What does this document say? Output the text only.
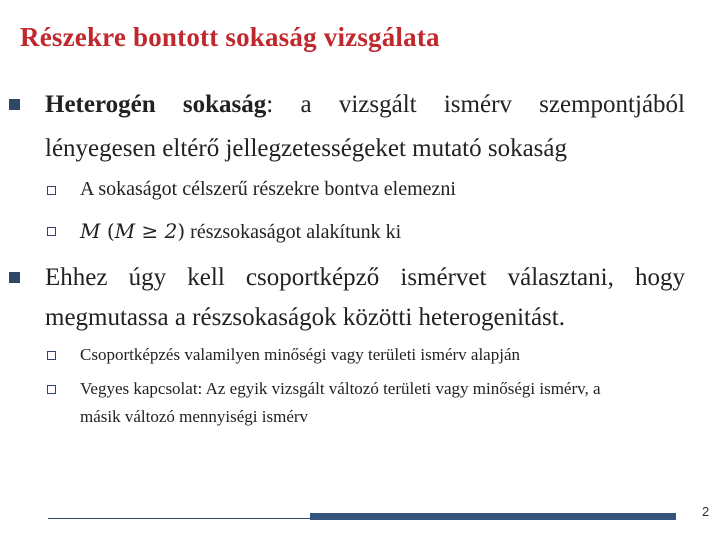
Részekre bontott sokaság vizsgálata
Heterogén sokaság: a vizsgált ismérv szempontjából
lényegesen eltérő jellegzetességeket mutató sokaság
A sokaságot célszerű részekre bontva elemezni
M (M ≥ 2) részsokaságot alakítunk ki
Ehhez úgy kell csoportképző ismérvet választani, hogy
megmutassa a részsokaságok közötti heterogenitást.
Csoportképzés valamilyen minőségi vagy területi ismérv alapján
Vegyes kapcsolat: Az egyik vizsgált változó területi vagy minőségi ismérv, a
másik változó mennyiségi ismérv
2
